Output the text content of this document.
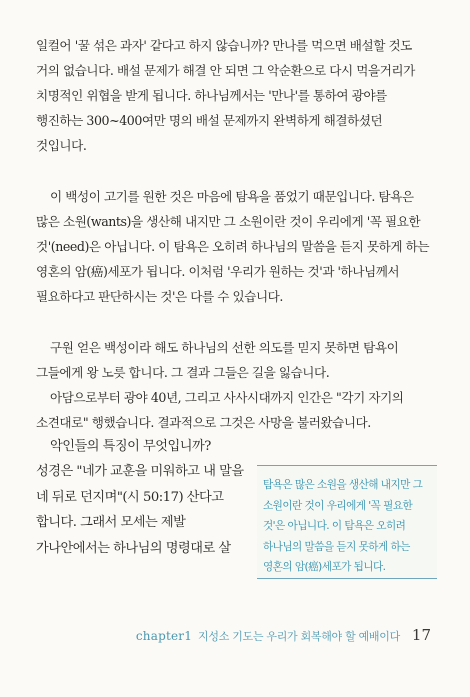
일컬어 '꿀 섞은 과자' 같다고 하지 않습니까? 만나를 먹으면 배설할 것도 거의 없습니다. 배설 문제가 해결 안 되면 그 악순환으로 다시 먹을거리가 치명적인 위협을 받게 됩니다. 하나님께서는 '만나'를 통하여 광야를 행진하는 300~400여만 명의 배설 문제까지 완벽하게 해결하셨던 것입니다.

이 백성이 고기를 원한 것은 마음에 탐욕을 품었기 때문입니다. 탐욕은 많은 소원(wants)을 생산해 내지만 그 소원이란 것이 우리에게 '꼭 필요한 것'(need)은 아닙니다. 이 탐욕은 오히려 하나님의 말씀을 듣지 못하게 하는 영혼의 암(癌)세포가 됩니다. 이처럼 '우리가 원하는 것'과 '하나님께서 필요하다고 판단하시는 것'은 다를 수 있습니다.

구원 얻은 백성이라 해도 하나님의 선한 의도를 믿지 못하면 탐욕이 그들에게 왕 노릇 합니다. 그 결과 그들은 길을 잃습니다.

아담으로부터 광야 40년, 그리고 사사시대까지 인간은 "각기 자기의 소견대로" 행했습니다. 결과적으로 그것은 사망을 불러왔습니다.

악인들의 특징이 무엇입니까?

성경은 "네가 교훈을 미워하고 내 말을 네 뒤로 던지며"(시 50:17) 산다고 합니다. 그래서 모세는 제발 가나안에서는 하나님의 명령대로 살

탐욕은 많은 소원을 생산해 내지만 그 소원이란 것이 우리에게 '꼭 필요한 것'은 아닙니다. 이 탐욕은 오히려 하나님의 말씀을 듣지 못하게 하는 영혼의 암(癌)세포가 됩니다.

chapter1 지성소 기도는 우리가 회복해야 할 예배이다 17
